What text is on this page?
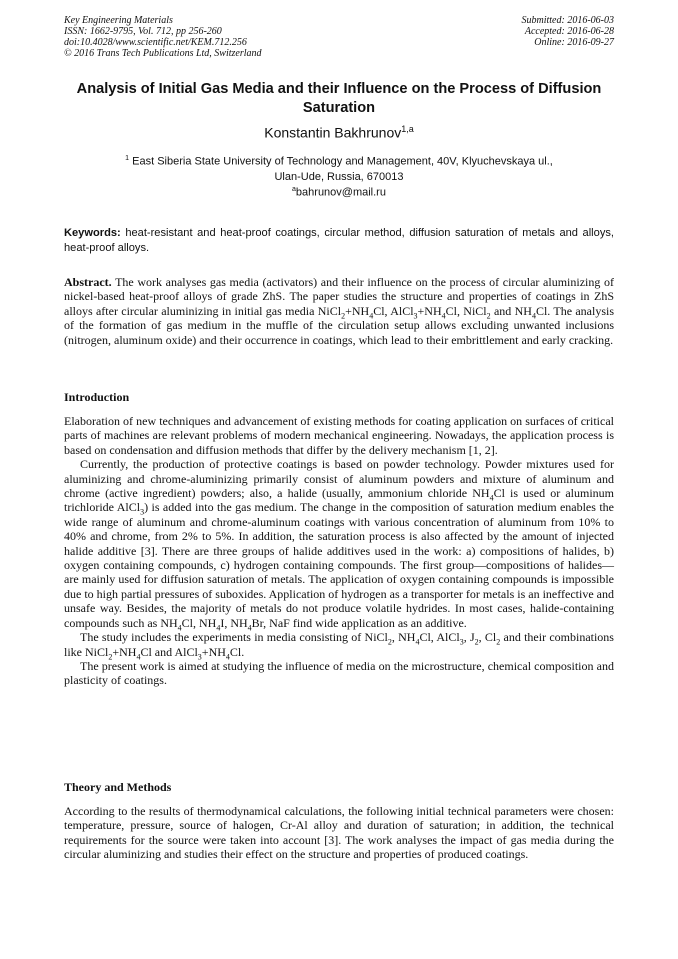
Key Engineering Materials
ISSN: 1662-9795, Vol. 712, pp 256-260
doi:10.4028/www.scientific.net/KEM.712.256
© 2016 Trans Tech Publications Ltd, Switzerland
Submitted: 2016-06-03
Accepted: 2016-06-28
Online: 2016-09-27
Analysis of Initial Gas Media and their Influence on the Process of Diffusion Saturation
Konstantin Bakhrunov$^{1,a}$
$^1$ East Siberia State University of Technology and Management, 40V, Klyuchevskaya ul.,
Ulan-Ude, Russia, 670013
$^a$bahrunov@mail.ru
Keywords: heat-resistant and heat-proof coatings, circular method, diffusion saturation of metals and alloys, heat-proof alloys.

Abstract. The work analyses gas media (activators) and their influence on the process of circular aluminizing of nickel-based heat-proof alloys of grade ZhS. The paper studies the structure and properties of coatings in ZhS alloys after circular aluminizing in initial gas media $NiCl_2+NH_4Cl$, $AlCl_3+NH_4Cl$, NiCl$_2$ and $NH_4Cl$. The analysis of the formation of gas medium in the muffle of the circulation setup allows excluding unwanted inclusions (nitrogen, aluminum oxide) and their occurrence in coatings, which lead to their embrittlement and early cracking.

Introduction

Elaboration of new techniques and advancement of existing methods for coating application on surfaces of critical parts of machines are relevant problems of modern mechanical engineering. Nowadays, the application process is based on condensation and diffusion methods that differ by the delivery mechanism [1, 2].

Currently, the production of protective coatings is based on powder technology. Powder mixtures used for aluminizing and chrome-aluminizing primarily consist of aluminum powders and mixture of aluminum and chrome (active ingredient) powders; also, a halide (usually, ammonium chloride $NH_4Cl$ is used or aluminum trichloride AlCl$_3$) is added into the gas medium. The change in the composition of saturation medium enables the wide range of aluminum and chrome-aluminum coatings with various concentration of aluminum from 10% to 40% and chrome, from 2% to 5%. In addition, the saturation process is also affected by the amount of injected halide additive [3]. There are three groups of halide additives used in the work: a) compositions of halides, b) oxygen containing compounds, c) hydrogen containing compounds. The first group—compositions of halides—are mainly used for diffusion saturation of metals. The application of oxygen containing compounds is impossible due to high partial pressures of suboxides. Application of hydrogen as a transporter for metals is an ineffective and unsafe way. Besides, the majority of metals do not produce volatile hydrides. In most cases, halide-containing compounds such as $NH_4Cl$, $NH_4I$, $NH_4Br$, NaF find wide application as an additive.

The study includes the experiments in media consisting of NiCl$_2$, $NH_4Cl$, AlCl$_3$, $J_2$, $Cl_2$ and their combinations like $NiCl_2+NH_4Cl$ and $AlCl_3+NH_4Cl$.

The present work is aimed at studying the influence of media on the microstructure, chemical composition and plasticity of coatings.

Theory and Methods

According to the results of thermodynamical calculations, the following initial technical parameters were chosen: temperature, pressure, source of halogen, Cr-Al alloy and duration of saturation; in addition, the technical requirements for the source were taken into account [3]. The work analyses the impact of gas media during the circular aluminizing and studies their effect on the structure and properties of produced coatings.
